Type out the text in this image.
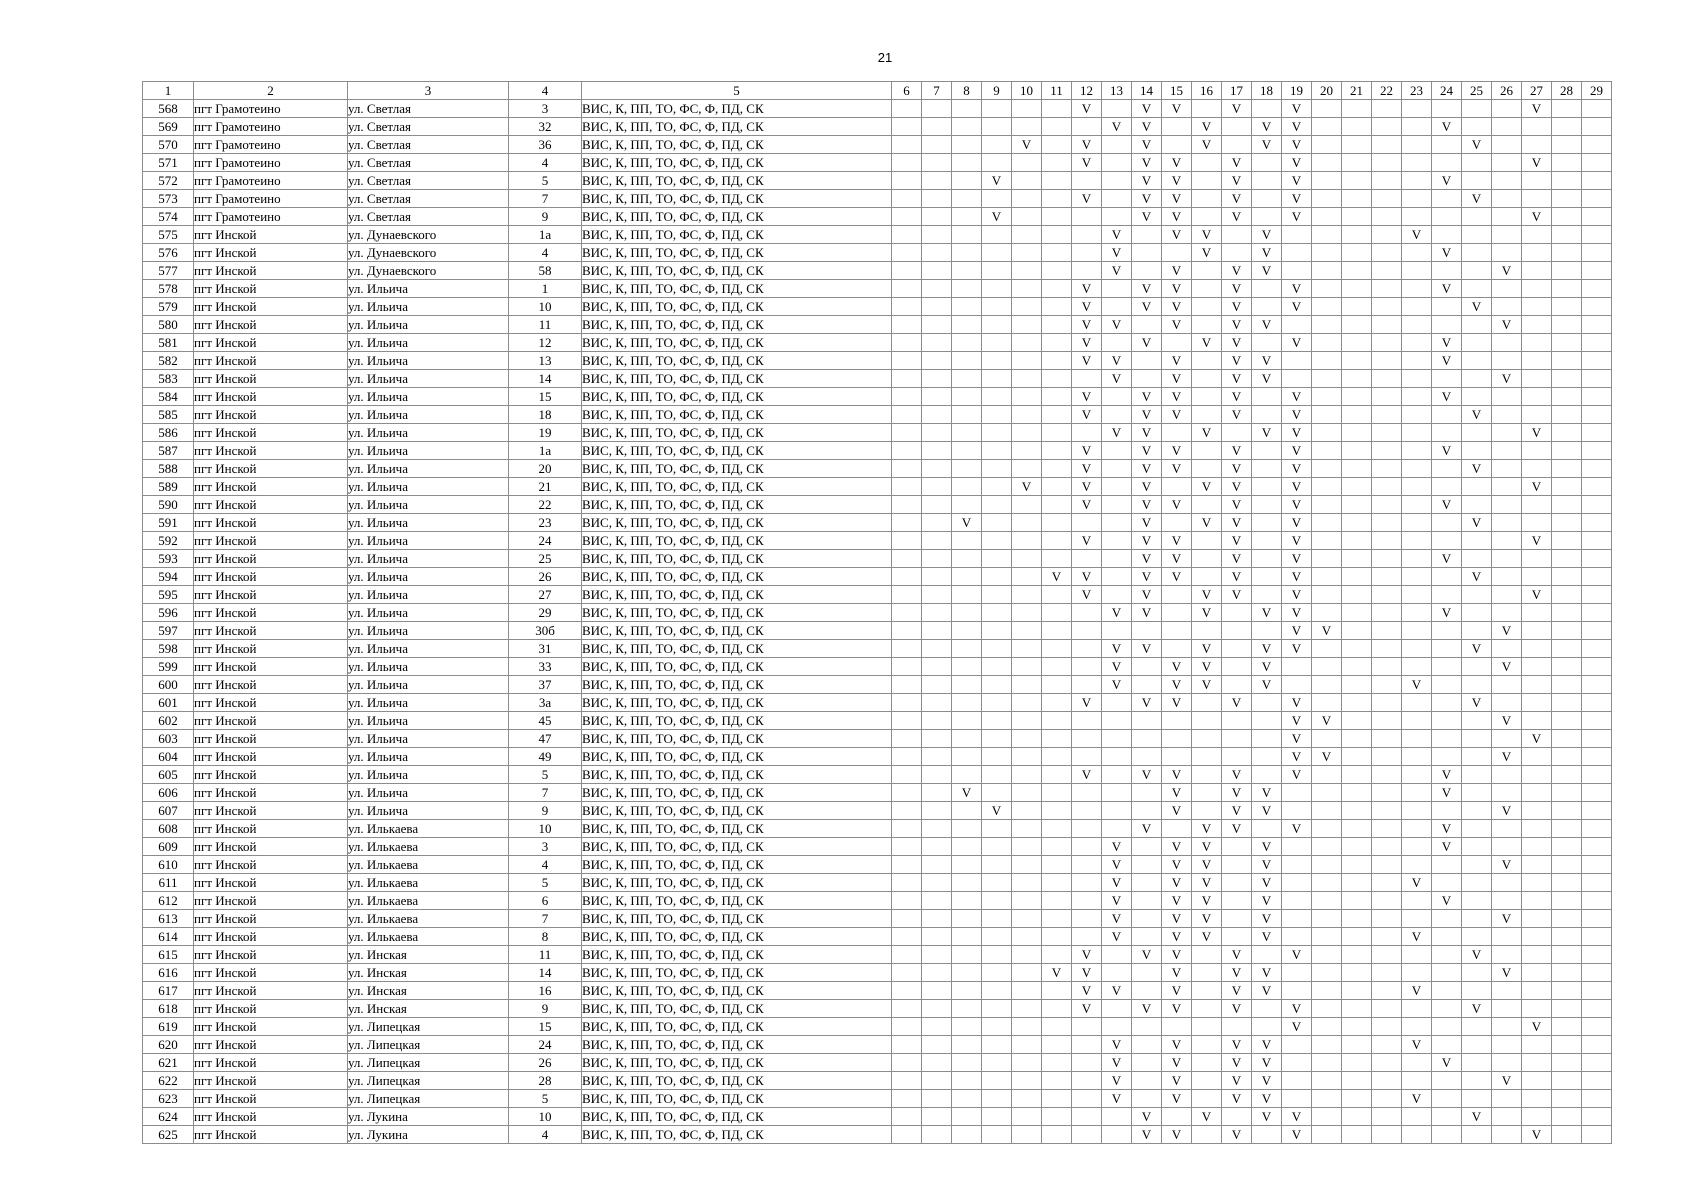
21
1	2	3	4	5	6	7	8	9	10	11	12	13	14	15	16	17	18	19	20	21	22	23	24	25	26	27	28	29
568	пгт Грамотеино	ул. Светлая	3	ВИС, К, ПП, ТО, ФС, Ф, ПД, СК							V		V	V		V		V								V		
569	пгт Грамотеино	ул. Светлая	32	ВИС, К, ПП, ТО, ФС, Ф, ПД, СК								V	V		V		V	V					V					
570	пгт Грамотеино	ул. Светлая	36	ВИС, К, ПП, ТО, ФС, Ф, ПД, СК					V		V		V		V		V	V						V				
571	пгт Грамотеино	ул. Светлая	4	ВИС, К, ПП, ТО, ФС, Ф, ПД, СК							V		V	V		V		V								V		
572	пгт Грамотеино	ул. Светлая	5	ВИС, К, ПП, ТО, ФС, Ф, ПД, СК				V					V	V		V		V					V					
573	пгт Грамотеино	ул. Светлая	7	ВИС, К, ПП, ТО, ФС, Ф, ПД, СК							V		V	V		V		V						V				
574	пгт Грамотеино	ул. Светлая	9	ВИС, К, ПП, ТО, ФС, Ф, ПД, СК				V					V	V		V		V								V		
575	пгт Инской	ул. Дунаевского	1а	ВИС, К, ПП, ТО, ФС, Ф, ПД, СК								V		V	V		V					V						
576	пгт Инской	ул. Дунаевского	4	ВИС, К, ПП, ТО, ФС, Ф, ПД, СК								V			V		V						V					
577	пгт Инской	ул. Дунаевского	58	ВИС, К, ПП, ТО, ФС, Ф, ПД, СК								V		V		V	V								V			
578	пгт Инской	ул. Ильича	1	ВИС, К, ПП, ТО, ФС, Ф, ПД, СК							V		V	V		V		V					V					
579	пгт Инской	ул. Ильича	10	ВИС, К, ПП, ТО, ФС, Ф, ПД, СК							V		V	V		V		V						V				
580	пгт Инской	ул. Ильича	11	ВИС, К, ПП, ТО, ФС, Ф, ПД, СК							V	V		V		V	V								V			
581	пгт Инской	ул. Ильича	12	ВИС, К, ПП, ТО, ФС, Ф, ПД, СК							V		V		V	V		V					V					
582	пгт Инской	ул. Ильича	13	ВИС, К, ПП, ТО, ФС, Ф, ПД, СК							V	V		V		V	V						V					
583	пгт Инской	ул. Ильича	14	ВИС, К, ПП, ТО, ФС, Ф, ПД, СК								V		V		V	V								V			
584	пгт Инской	ул. Ильича	15	ВИС, К, ПП, ТО, ФС, Ф, ПД, СК							V		V	V		V		V					V					
585	пгт Инской	ул. Ильича	18	ВИС, К, ПП, ТО, ФС, Ф, ПД, СК							V		V	V		V		V						V				
586	пгт Инской	ул. Ильича	19	ВИС, К, ПП, ТО, ФС, Ф, ПД, СК								V	V		V		V	V								V		
587	пгт Инской	ул. Ильича	1а	ВИС, К, ПП, ТО, ФС, Ф, ПД, СК							V		V	V		V		V					V					
588	пгт Инской	ул. Ильича	20	ВИС, К, ПП, ТО, ФС, Ф, ПД, СК							V		V	V		V		V						V				
589	пгт Инской	ул. Ильича	21	ВИС, К, ПП, ТО, ФС, Ф, ПД, СК					V		V		V		V	V		V								V		
590	пгт Инской	ул. Ильича	22	ВИС, К, ПП, ТО, ФС, Ф, ПД, СК							V		V	V		V		V					V					
591	пгт Инской	ул. Ильича	23	ВИС, К, ПП, ТО, ФС, Ф, ПД, СК			V						V		V	V		V						V				
592	пгт Инской	ул. Ильича	24	ВИС, К, ПП, ТО, ФС, Ф, ПД, СК							V		V	V		V		V								V		
593	пгт Инской	ул. Ильича	25	ВИС, К, ПП, ТО, ФС, Ф, ПД, СК									V	V		V		V					V					
594	пгт Инской	ул. Ильича	26	ВИС, К, ПП, ТО, ФС, Ф, ПД, СК						V	V		V	V		V		V						V				
595	пгт Инской	ул. Ильича	27	ВИС, К, ПП, ТО, ФС, Ф, ПД, СК							V		V		V	V		V								V		
596	пгт Инской	ул. Ильича	29	ВИС, К, ПП, ТО, ФС, Ф, ПД, СК								V	V		V		V	V					V					
597	пгт Инской	ул. Ильича	30б	ВИС, К, ПП, ТО, ФС, Ф, ПД, СК														V	V						V			
598	пгт Инской	ул. Ильича	31	ВИС, К, ПП, ТО, ФС, Ф, ПД, СК								V	V		V		V	V						V				
599	пгт Инской	ул. Ильича	33	ВИС, К, ПП, ТО, ФС, Ф, ПД, СК								V		V	V		V								V			
600	пгт Инской	ул. Ильича	37	ВИС, К, ПП, ТО, ФС, Ф, ПД, СК								V		V	V		V					V						
601	пгт Инской	ул. Ильича	3а	ВИС, К, ПП, ТО, ФС, Ф, ПД, СК							V		V	V		V		V						V				
602	пгт Инской	ул. Ильича	45	ВИС, К, ПП, ТО, ФС, Ф, ПД, СК														V	V						V			
603	пгт Инской	ул. Ильича	47	ВИС, К, ПП, ТО, ФС, Ф, ПД, СК														V								V		
604	пгт Инской	ул. Ильича	49	ВИС, К, ПП, ТО, ФС, Ф, ПД, СК														V	V						V			
605	пгт Инской	ул. Ильича	5	ВИС, К, ПП, ТО, ФС, Ф, ПД, СК							V		V	V		V		V					V					
606	пгт Инской	ул. Ильича	7	ВИС, К, ПП, ТО, ФС, Ф, ПД, СК			V							V		V	V						V					
607	пгт Инской	ул. Ильича	9	ВИС, К, ПП, ТО, ФС, Ф, ПД, СК				V						V		V	V								V			
608	пгт Инской	ул. Илькаева	10	ВИС, К, ПП, ТО, ФС, Ф, ПД, СК									V		V	V		V					V					
609	пгт Инской	ул. Илькаева	3	ВИС, К, ПП, ТО, ФС, Ф, ПД, СК								V		V	V		V						V					
610	пгт Инской	ул. Илькаева	4	ВИС, К, ПП, ТО, ФС, Ф, ПД, СК								V		V	V		V								V			
611	пгт Инской	ул. Илькаева	5	ВИС, К, ПП, ТО, ФС, Ф, ПД, СК								V		V	V		V					V						
612	пгт Инской	ул. Илькаева	6	ВИС, К, ПП, ТО, ФС, Ф, ПД, СК								V		V	V		V						V					
613	пгт Инской	ул. Илькаева	7	ВИС, К, ПП, ТО, ФС, Ф, ПД, СК								V		V	V		V								V			
614	пгт Инской	ул. Илькаева	8	ВИС, К, ПП, ТО, ФС, Ф, ПД, СК								V		V	V		V					V						
615	пгт Инской	ул. Инская	11	ВИС, К, ПП, ТО, ФС, Ф, ПД, СК							V		V	V		V		V						V				
616	пгт Инской	ул. Инская	14	ВИС, К, ПП, ТО, ФС, Ф, ПД, СК						V	V			V		V	V								V			
617	пгт Инской	ул. Инская	16	ВИС, К, ПП, ТО, ФС, Ф, ПД, СК							V	V		V		V	V					V						
618	пгт Инской	ул. Инская	9	ВИС, К, ПП, ТО, ФС, Ф, ПД, СК							V		V	V		V		V						V				
619	пгт Инской	ул. Липецкая	15	ВИС, К, ПП, ТО, ФС, Ф, ПД, СК														V								V		
620	пгт Инской	ул. Липецкая	24	ВИС, К, ПП, ТО, ФС, Ф, ПД, СК								V		V		V	V					V						
621	пгт Инской	ул. Липецкая	26	ВИС, К, ПП, ТО, ФС, Ф, ПД, СК								V		V		V	V						V					
622	пгт Инской	ул. Липецкая	28	ВИС, К, ПП, ТО, ФС, Ф, ПД, СК								V		V		V	V								V			
623	пгт Инской	ул. Липецкая	5	ВИС, К, ПП, ТО, ФС, Ф, ПД, СК								V		V		V	V					V						
624	пгт Инской	ул. Лукина	10	ВИС, К, ПП, ТО, ФС, Ф, ПД, СК									V		V		V	V						V				
625	пгт Инской	ул. Лукина	4	ВИС, К, ПП, ТО, ФС, Ф, ПД, СК									V	V		V		V								V		
